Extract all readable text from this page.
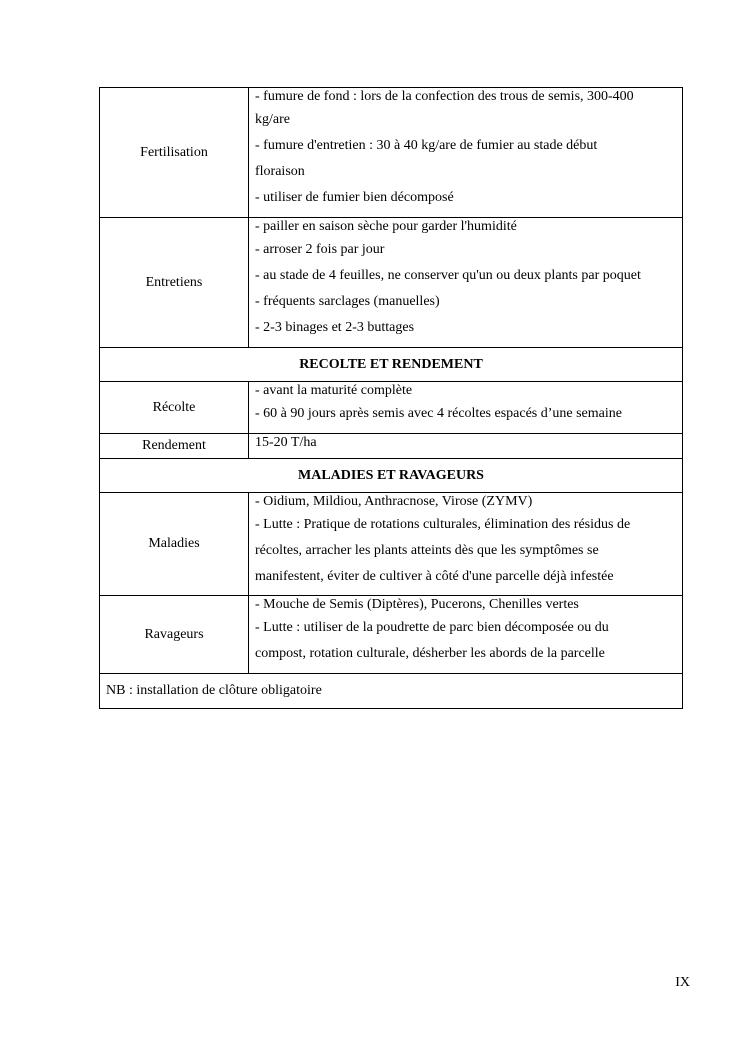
Fertilisation	- fumure de fond : lors de la confection des trous de semis, 300-400
kg/are
- fumure d'entretien : 30 à 40 kg/are de fumier au stade début
floraison
- utiliser de fumier bien décomposé

Entretiens	- pailler en saison sèche pour garder l'humidité
- arroser 2 fois par jour
- au stade de 4 feuilles, ne conserver qu'un ou deux plants par poquet
- fréquents sarclages (manuelles)
- 2-3 binages et 2-3 buttages

RECOLTE ET RENDEMENT	
Récolte	- avant la maturité complète
- 60 à 90 jours après semis avec 4 récoltes espacés d’une semaine

Rendement	15-20 T/ha
MALADIES ET RAVAGEURS	
Maladies	- Oidium, Mildiou, Anthracnose, Virose (ZYMV)
- Lutte : Pratique de rotations culturales, élimination des résidus de
récoltes, arracher les plants atteints dès que les symptômes se
manifestent, éviter de cultiver à côté d'une parcelle déjà infestée

Ravageurs	- Mouche de Semis (Diptères), Pucerons, Chenilles vertes
- Lutte : utiliser de la poudrette de parc bien décomposée ou du
compost, rotation culturale, désherber les abords de la parcelle

NB : installation de clôture obligatoire	
IX
